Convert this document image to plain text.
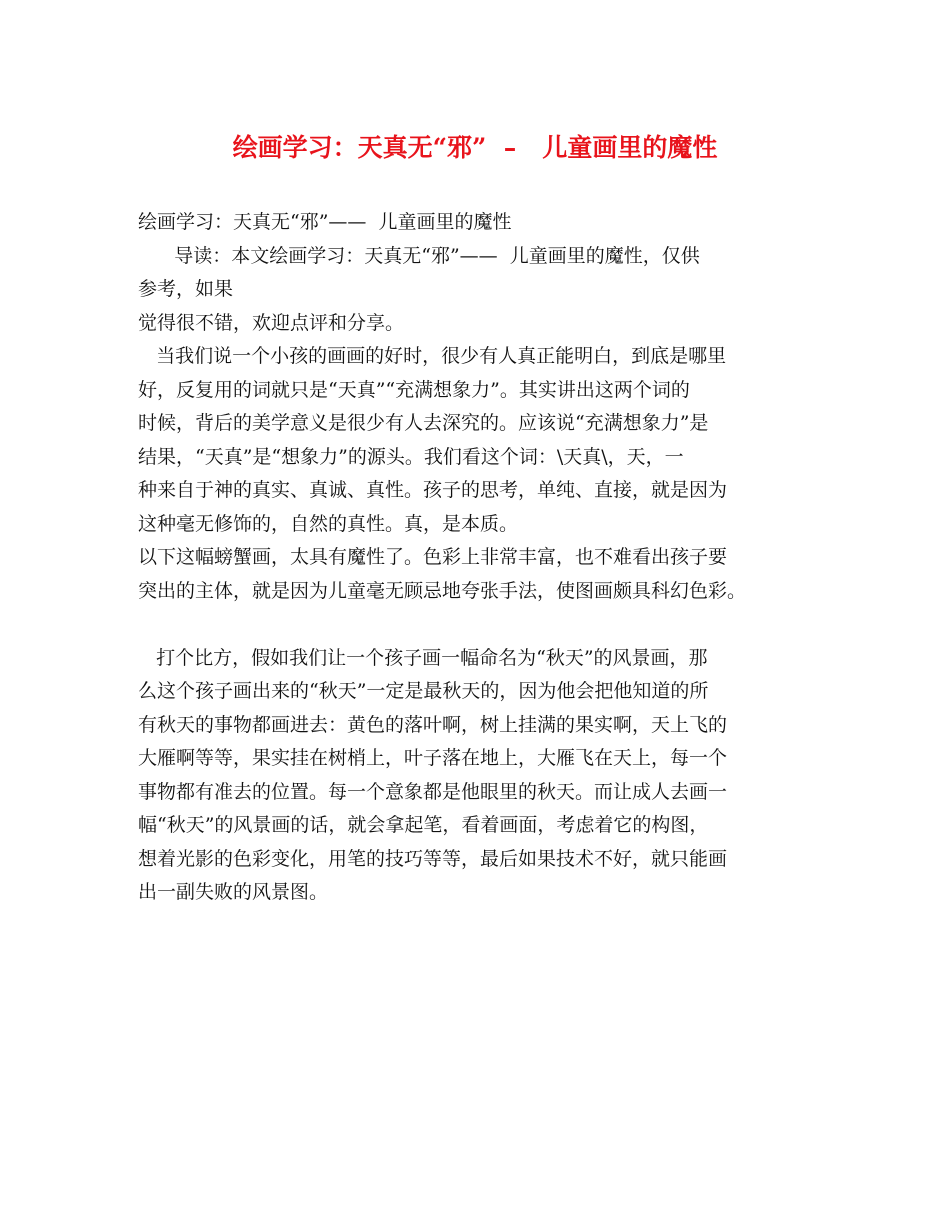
绘画学习：天真无“邪”  –   儿童画里的魔性
绘画学习：天真无“邪”——  儿童画里的魔性
导读：本文绘画学习：天真无“邪”——  儿童画里的魔性，仅供
参考，如果
觉得很不错，欢迎点评和分享。
当我们说一个小孩的画画的好时，很少有人真正能明白，到底是哪里
好，反复用的词就只是“天真”“充满想象力”。其实讲出这两个词的
时候，背后的美学意义是很少有人去深究的。应该说“充满想象力”是
结果，“天真”是“想象力”的源头。我们看这个词：\天真\，天，一
种来自于神的真实、真诚、真性。孩子的思考，单纯、直接，就是因为
这种毫无修饰的，自然的真性。真，是本质。
以下这幅螃蟹画，太具有魔性了。色彩上非常丰富，也不难看出孩子要
突出的主体，就是因为儿童毫无顾忌地夸张手法，使图画颇具科幻色彩。
打个比方，假如我们让一个孩子画一幅命名为“秋天”的风景画，那
么这个孩子画出来的“秋天”一定是最秋天的，因为他会把他知道的所
有秋天的事物都画进去：黄色的落叶啊，树上挂满的果实啊，天上飞的
大雁啊等等，果实挂在树梢上，叶子落在地上，大雁飞在天上，每一个
事物都有准去的位置。每一个意象都是他眼里的秋天。而让成人去画一
幅“秋天”的风景画的话，就会拿起笔，看着画面，考虑着它的构图，
想着光影的色彩变化，用笔的技巧等等，最后如果技术不好，就只能画
出一副失败的风景图。
